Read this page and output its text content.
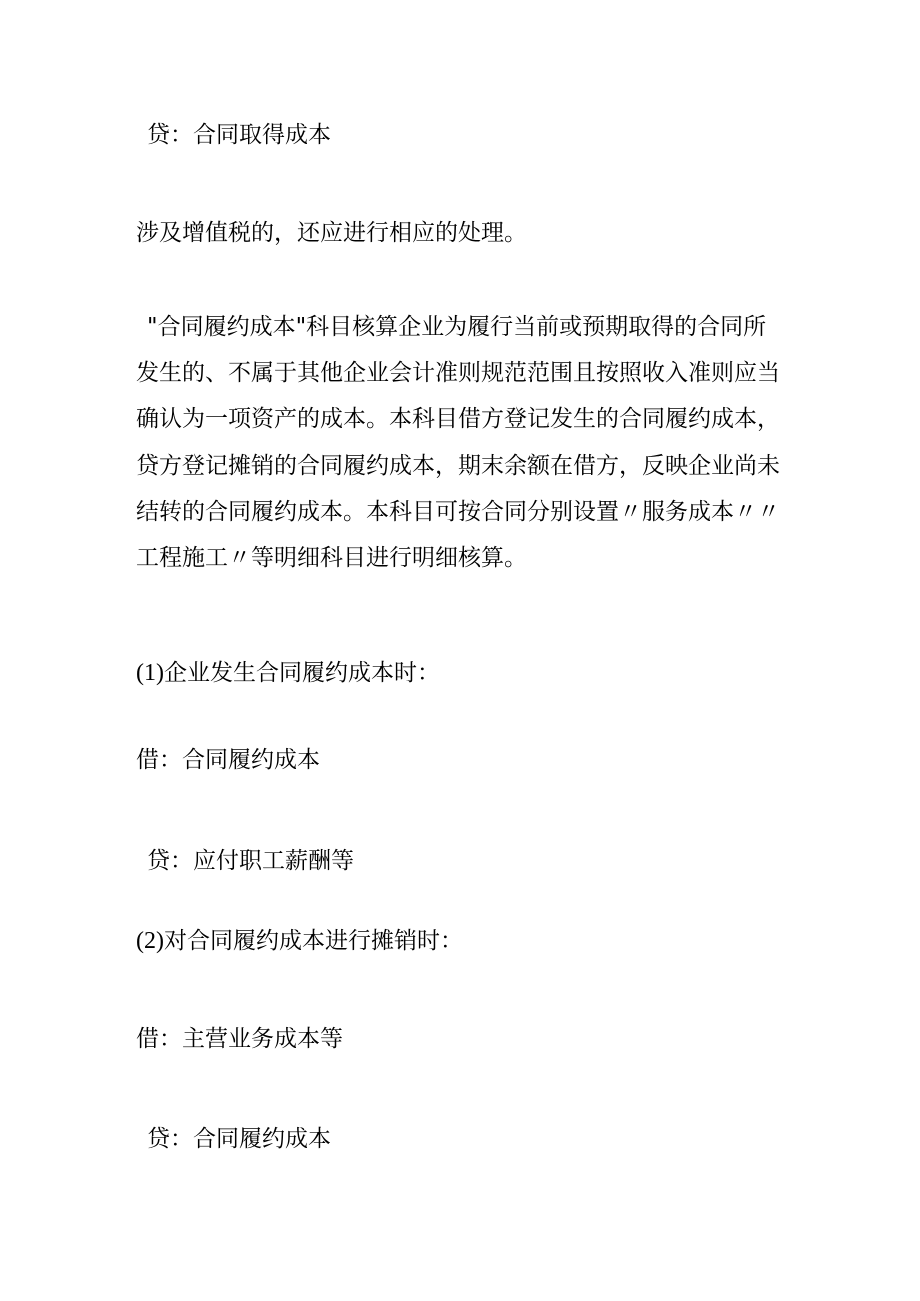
贷：合同取得成本
涉及增值税的，还应进行相应的处理。
"合同履约成本"科目核算企业为履行当前或预期取得的合同所
发生的、不属于其他企业会计准则规范范围且按照收入准则应当
确认为一项资产的成本。本科目借方登记发生的合同履约成本，
贷方登记摊销的合同履约成本，期末余额在借方，反映企业尚未
结转的合同履约成本。本科目可按合同分别设置〃服务成本〃〃
工程施工〃等明细科目进行明细核算。
(1)企业发生合同履约成本时：
借：合同履约成本
贷：应付职工薪酬等
(2)对合同履约成本进行摊销时：
借：主营业务成本等
贷：合同履约成本
